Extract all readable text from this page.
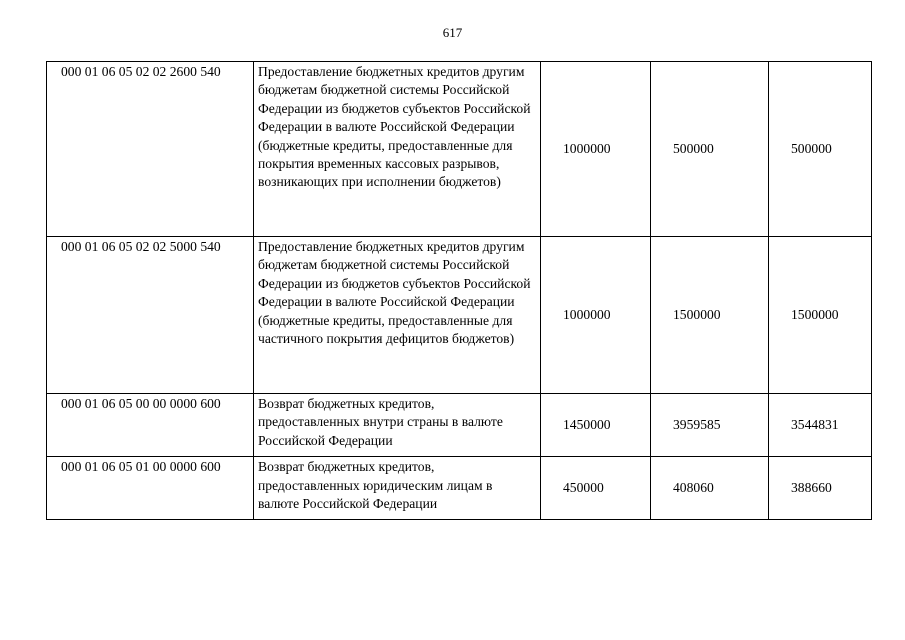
617
000 01 06 05 02 02 2600 540	Предоставление бюджетных кредитов другим бюджетам бюджетной системы Российской Федерации из бюджетов субъектов Российской Федерации в валюте Российской Федерации (бюджетные кредиты, предоставленные для покрытия временных кассовых разрывов, возникающих при исполнении бюджетов)	1000000	500000	500000
000 01 06 05 02 02 5000 540	Предоставление бюджетных кредитов другим бюджетам бюджетной системы Российской Федерации из бюджетов субъектов Российской Федерации в валюте Российской Федерации (бюджетные кредиты, предоставленные для частичного покрытия дефицитов бюджетов)	1000000	1500000	1500000
000 01 06 05 00 00 0000 600	Возврат бюджетных кредитов, предоставленных внутри страны в валюте Российской Федерации	1450000	3959585	3544831
000 01 06 05 01 00 0000 600	Возврат бюджетных кредитов, предоставленных юридическим лицам в валюте Российской Федерации	450000	408060	388660
